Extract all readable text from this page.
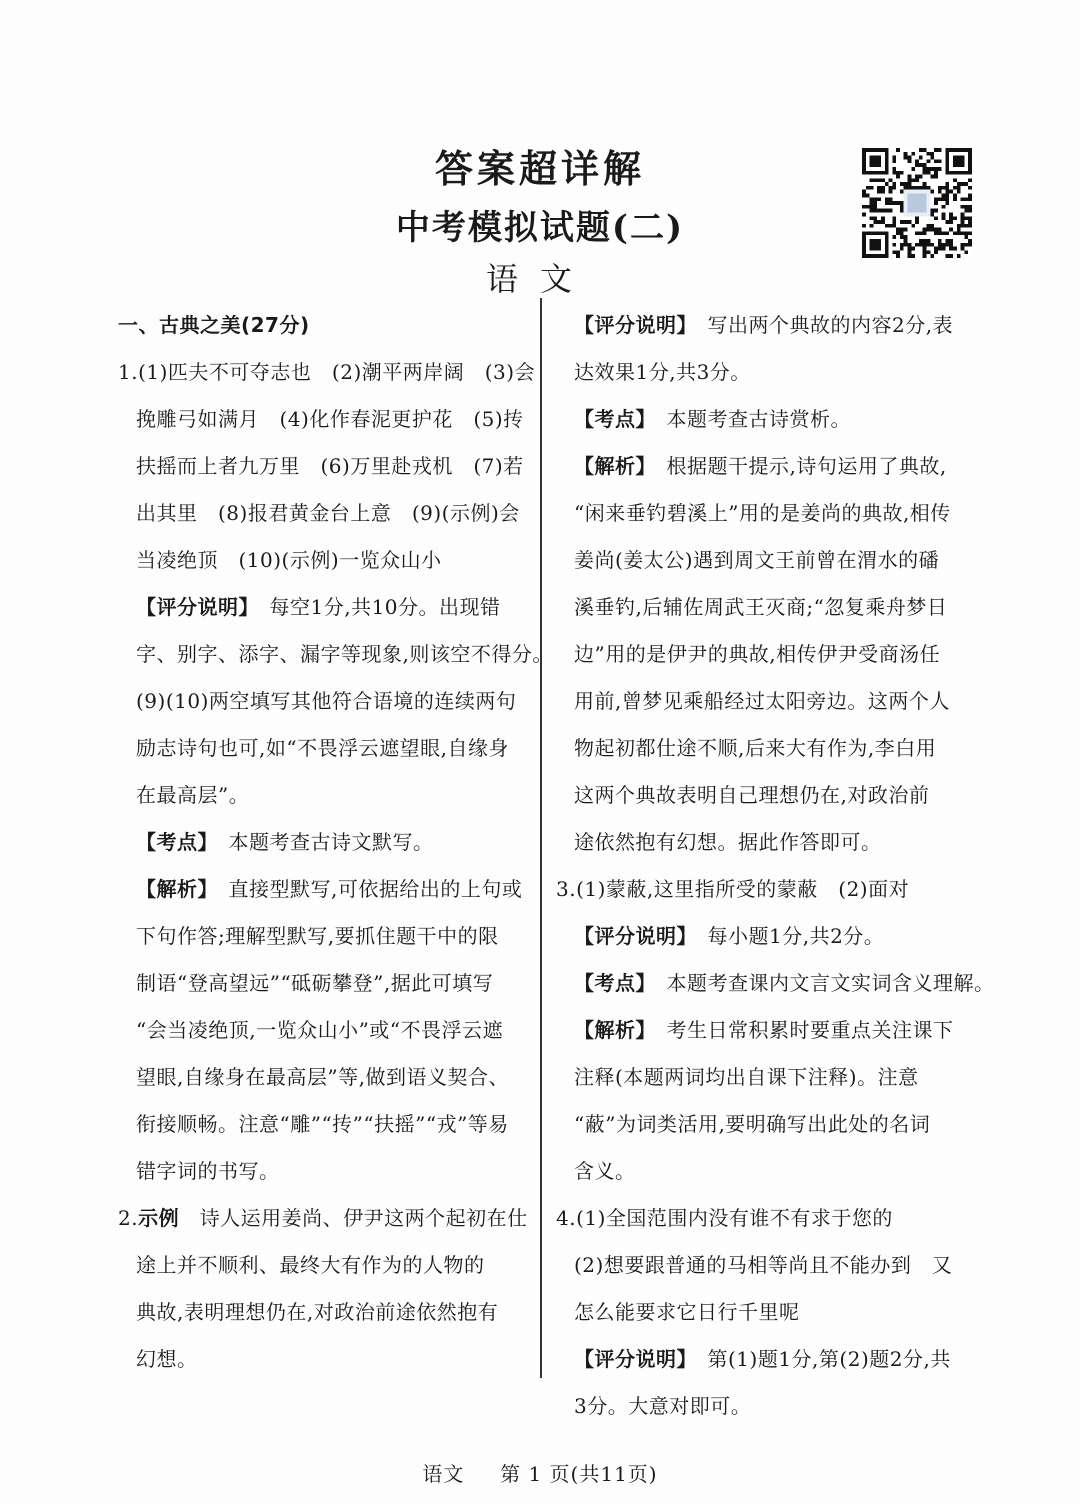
答案超详解
中考模拟试题(二)
语文
一、古典之美(27分)
1.(1)匹夫不可夺志也　(2)潮平两岸阔　(3)会
挽雕弓如满月　(4)化作春泥更护花　(5)抟
扶摇而上者九万里　(6)万里赴戎机　(7)若
出其里　(8)报君黄金台上意　(9)(示例)会
当凌绝顶　(10)(示例)一览众山小
【评分说明】　每空1分,共10分。出现错
字、别字、添字、漏字等现象,则该空不得分。
(9)(10)两空填写其他符合语境的连续两句
励志诗句也可,如“不畏浮云遮望眼,自缘身
在最高层”。
【考点】　本题考查古诗文默写。
【解析】　直接型默写,可依据给出的上句或
下句作答;理解型默写,要抓住题干中的限
制语“登高望远”“砥砺攀登”,据此可填写
“会当凌绝顶,一览众山小”或“不畏浮云遮
望眼,自缘身在最高层”等,做到语义契合、
衔接顺畅。注意“雕”“抟”“扶摇”“戎”等易
错字词的书写。
2.示例　诗人运用姜尚、伊尹这两个起初在仕
途上并不顺利、最终大有作为的人物的
典故,表明理想仍在,对政治前途依然抱有
幻想。
【评分说明】　写出两个典故的内容2分,表
达效果1分,共3分。
【考点】　本题考查古诗赏析。
【解析】　根据题干提示,诗句运用了典故,
“闲来垂钓碧溪上”用的是姜尚的典故,相传
姜尚(姜太公)遇到周文王前曾在渭水的磻
溪垂钓,后辅佐周武王灭商;“忽复乘舟梦日
边”用的是伊尹的典故,相传伊尹受商汤任
用前,曾梦见乘船经过太阳旁边。这两个人
物起初都仕途不顺,后来大有作为,李白用
这两个典故表明自己理想仍在,对政治前
途依然抱有幻想。据此作答即可。
3.(1)蒙蔽,这里指所受的蒙蔽　(2)面对
【评分说明】　每小题1分,共2分。
【考点】　本题考查课内文言文实词含义理解。
【解析】　考生日常积累时要重点关注课下
注释(本题两词均出自课下注释)。注意
“蔽”为词类活用,要明确写出此处的名词
含义。
4.(1)全国范围内没有谁不有求于您的
(2)想要跟普通的马相等尚且不能办到　又
怎么能要求它日行千里呢
【评分说明】　第(1)题1分,第(2)题2分,共
3分。大意对即可。
语文 　 第 1 页(共11页)
